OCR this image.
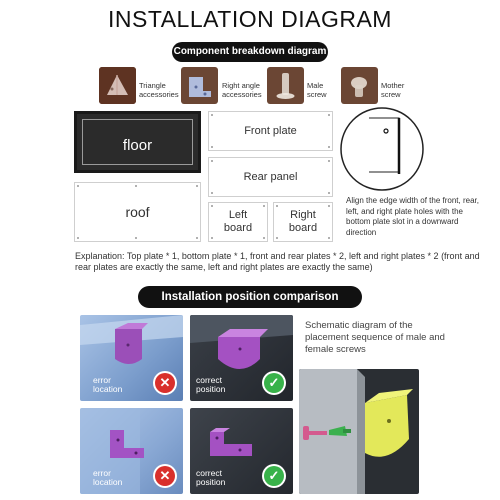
INSTALLATION DIAGRAM
Component breakdown diagram
Triangle accessories
Right angle accessories
Male screw
Mother screw
floor
roof
Front plate
Rear panel
Left board
Right board
Align the edge width of the front, rear, left, and right plate holes with the bottom plate slot in a downward direction
Explanation: Top plate * 1, bottom plate * 1, front and rear plates * 2, left and right plates * 2 (front and rear plates are exactly the same, left and right plates are exactly the same)
Installation position comparison
error location	✕	correct position	✓
error location	✕	correct position	✓
Schematic diagram of the placement sequence of male and female screws
